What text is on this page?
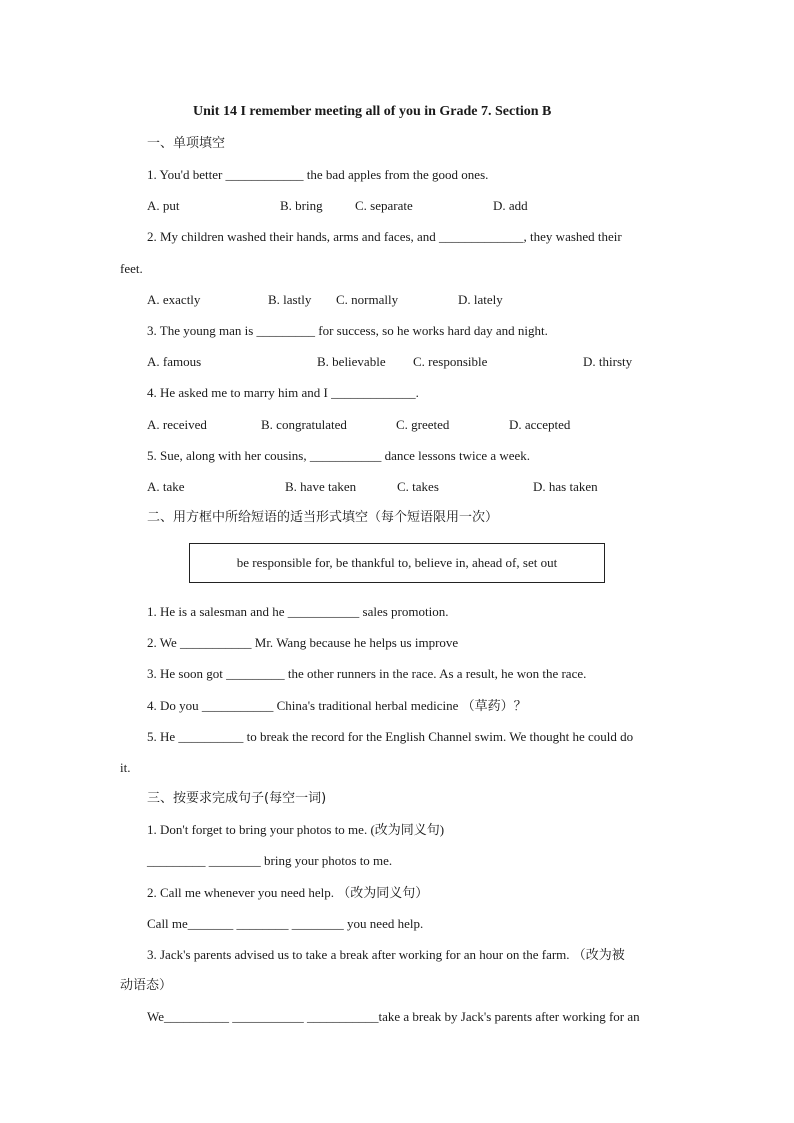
Unit 14 I remember meeting all of you in Grade 7. Section B
一、单项填空
1. You'd better ____________ the bad apples from the good ones.
A. put	B. bring C. separate	D. add
2. My children washed their hands, arms and faces, and _____________, they washed their
feet.
A. exactly	B. lastly C. normally	D. lately
3. The young man is _________ for success, so he works hard day and night.
A. famous	B. believable C. responsible	D. thirsty
4. He asked me to marry him and I _____________.
A. received	B. congratulated	C. greeted	D. accepted
5. Sue, along with her cousins, ___________ dance lessons twice a week.
A. take	B. have taken	C. takes	D. has taken
二、用方框中所给短语的适当形式填空（每个短语限用一次）
be responsible for, be thankful to, believe in, ahead of, set out
1. He is a salesman and he ___________ sales promotion.
2. We ___________ Mr. Wang because he helps us improve
3. He soon got _________ the other runners in the race. As a result, he won the race.
4. Do you ___________ China's traditional herbal medicine （草药）？
5. He __________ to break the record for the English Channel swim. We thought he could do
it.
三、按要求完成句子(每空一词)
1. Don't forget to bring your photos to me. (改为同义句)
_________ ________ bring your photos to me.
2. Call me whenever you need help. （改为同义句）
Call me_______ ________ ________ you need help.
3. Jack's parents advised us to take a break after working for an hour on the farm. （改为被
动语态）
We__________ ___________ ___________take a break by Jack's parents after working for an
